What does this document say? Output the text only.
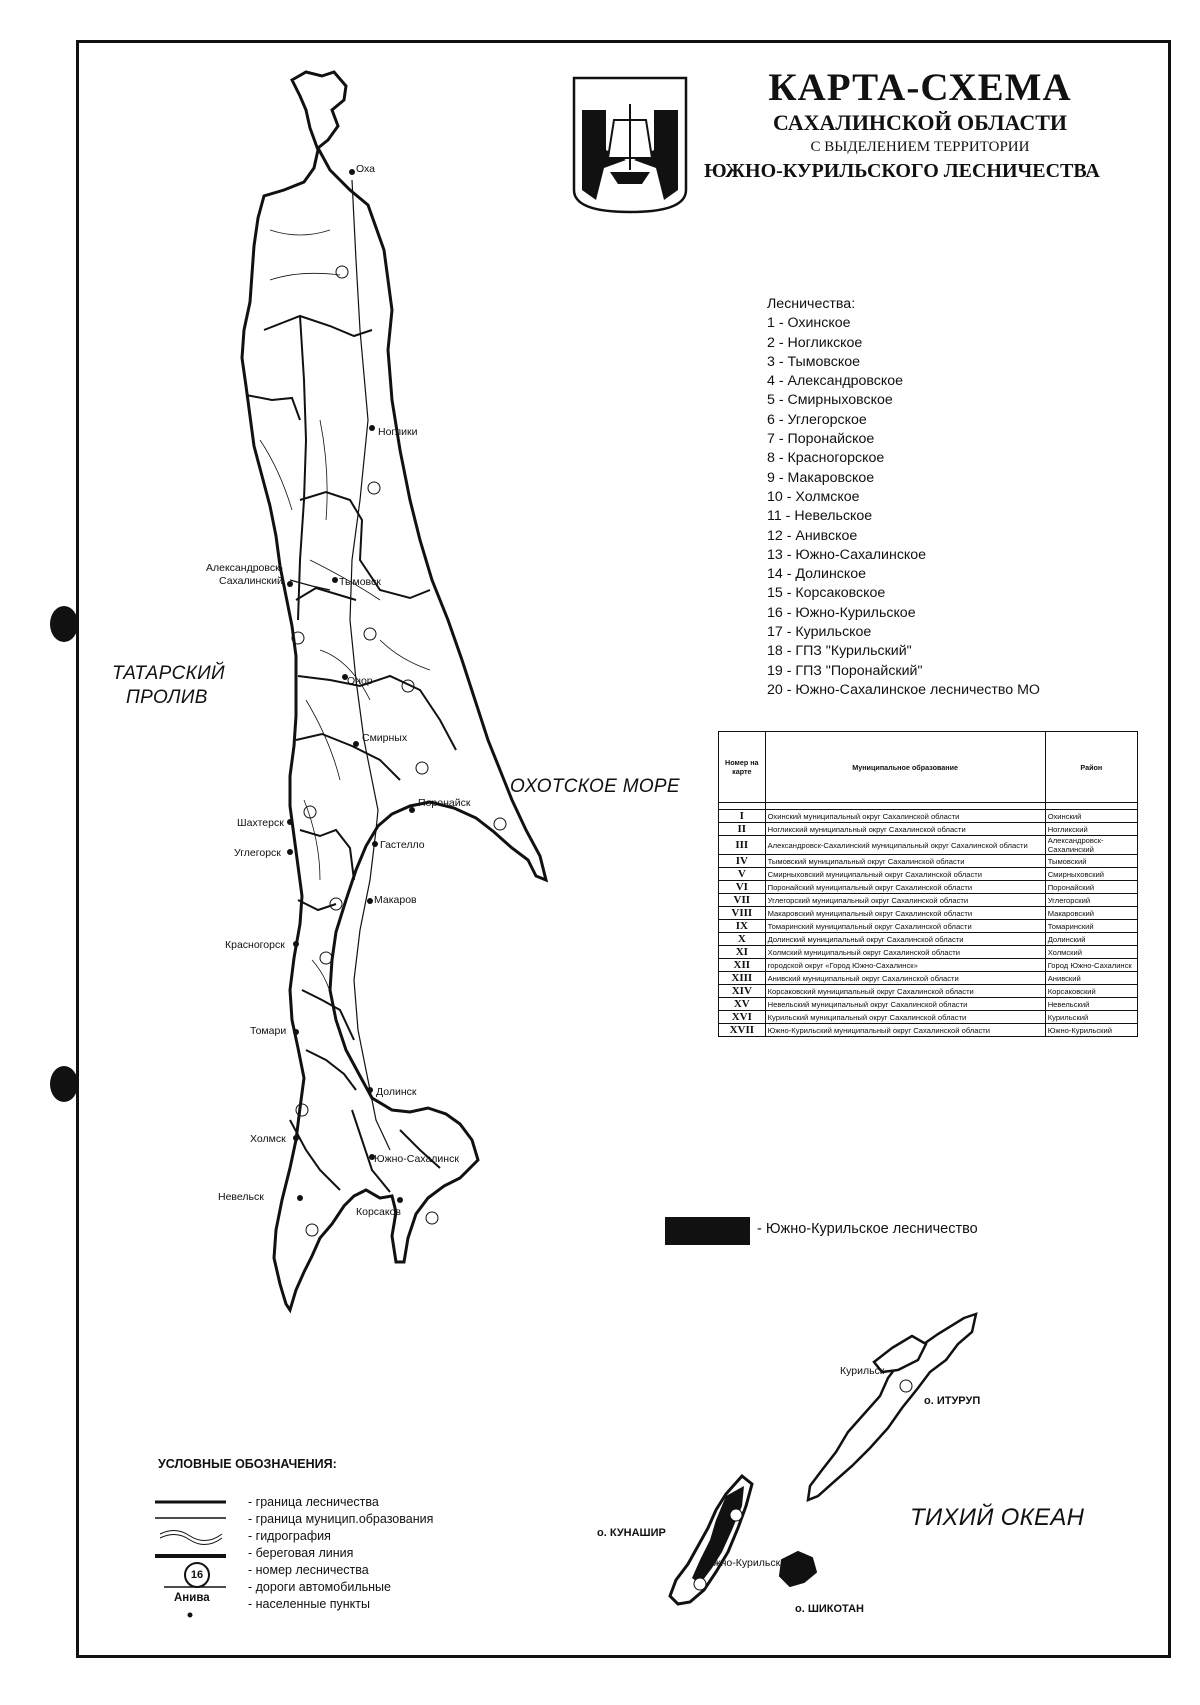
КАРТА-СХЕМА
САХАЛИНСКОЙ ОБЛАСТИ
С ВЫДЕЛЕНИЕМ ТЕРРИТОРИИ
ЮЖНО-КУРИЛЬСКОГО ЛЕСНИЧЕСТВА
Лесничества:
1 - Охинское
2 - Ногликское
3 - Тымовское
4 - Александровское
5 - Смирныховское
6 - Углегорское
7 - Поронайское
8 - Красногорское
9 - Макаровское
10 - Холмское
11 - Невельское
12 - Анивское
13 - Южно-Сахалинское
14 - Долинское
15 - Корсаковское
16 - Южно-Курильское
17 - Курильское
18 - ГПЗ "Курильский"
19 - ГПЗ "Поронайский"
20 - Южно-Сахалинское лесничество МО
Номер на карте	Муниципальное образование	Район

I	Охинский муниципальный округ Сахалинской области	Охинский
II	Ногликский муниципальный округ Сахалинской области	Ногликский
III	Александровск-Сахалинский муниципальный округ Сахалинской области	Александровск-Сахалинский
IV	Тымовский муниципальный округ Сахалинской области	Тымовский
V	Смирныховский муниципальный округ Сахалинской области	Смирныховский
VI	Поронайский муниципальный округ Сахалинской области	Поронайский
VII	Углегорский муниципальный округ Сахалинской области	Углегорский
VIII	Макаровский муниципальный округ Сахалинской области	Макаровский
IX	Томаринский муниципальный округ Сахалинской области	Томаринский
X	Долинский муниципальный округ Сахалинской области	Долинский
XI	Холмский муниципальный округ Сахалинской области	Холмский
XII	городской округ «Город Южно-Сахалинск»	Город Южно-Сахалинск
XIII	Анивский муниципальный округ Сахалинской области	Анивский
XIV	Корсаковский муниципальный округ Сахалинской области	Корсаковский
XV	Невельский муниципальный округ Сахалинской области	Невельский
XVI	Курильский муниципальный округ Сахалинской области	Курильский
XVII	Южно-Курильский муниципальный округ Сахалинской области	Южно-Курильский
- Южно-Курильское лесничество
ТАТАРСКИЙ
ПРОЛИВ
ОХОТСКОЕ МОРЕ
ТИХИЙ ОКЕАН
Оха
Ноглики
Александровск-
Сахалинский	Тымовск
Онор
Смирных
Поронайск
Гастелло
Шахтерск
Углегорск
Макаров
Красногорск
Томари
Долинск
Холмск
Южно-Сахалинск
Невельск
Корсаков
Курильск
Южно-Курильск
о. ИТУРУП
о. КУНАШИР
о. ШИКОТАН
УСЛОВНЫЕ ОБОЗНАЧЕНИЯ:
- граница лесничества
- граница муницип.образования
- гидрография
- береговая линия
- номер лесничества
- дороги автомобильные
- населенные пункты
16
Анива
